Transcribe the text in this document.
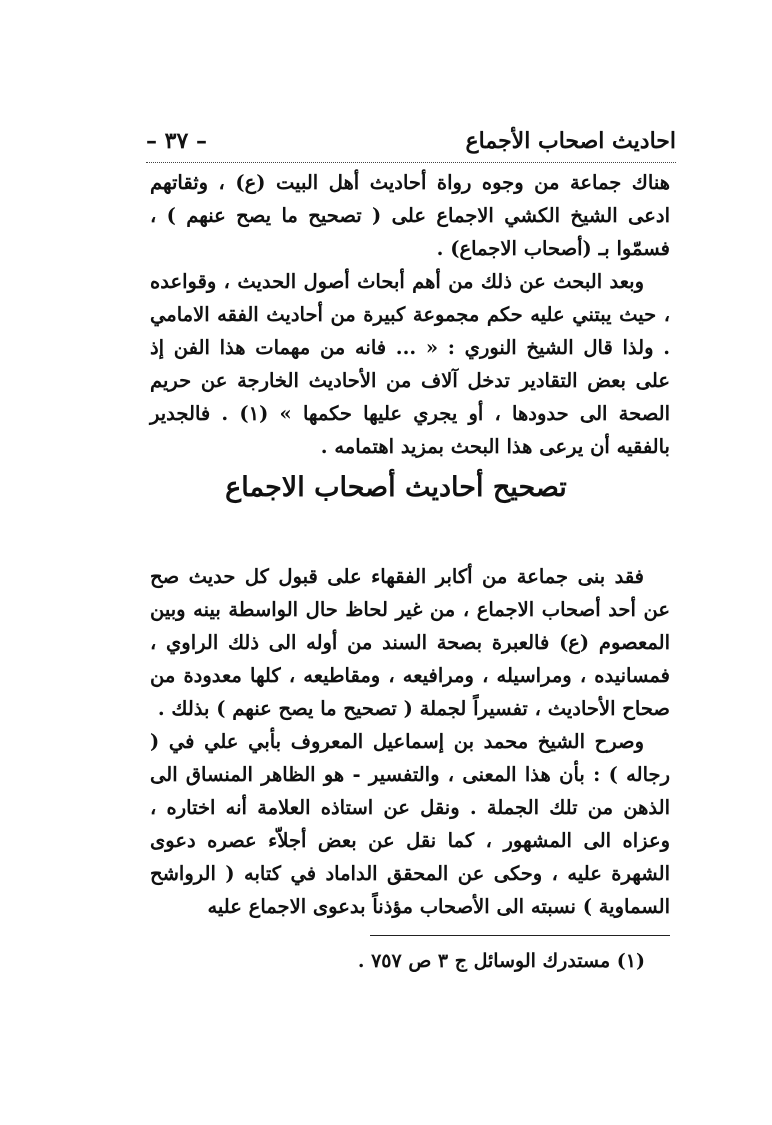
– ٣٧ –	احاديث اصحاب الأجماع

هناك جماعة من وجوه رواة أحاديث أهل البيت (ع) ، وثقاتهم ادعى الشيخ الكشي الاجماع على ( تصحيح ما يصح عنهم ) ، فسمّوا بـ (أصحاب الاجماع) .

وبعد البحث عن ذلك من أهم أبحاث أصول الحديث ، وقواعده ، حيث يبتني عليه حكم مجموعة كبيرة من أحاديث الفقه الامامي . ولذا قال الشيخ النوري : « ... فانه من مهمات هذا الفن إذ على بعض التقادير تدخل آلاف من الأحاديث الخارجة عن حريم الصحة الى حدودها ، أو يجري عليها حكمها » (١) . فالجدير بالفقيه أن يرعى هذا البحث بمزيد اهتمامه .

تصحيح أحاديث أصحاب الاجماع

فقد بنى جماعة من أكابر الفقهاء على قبول كل حديث صح عن أحد أصحاب الاجماع ، من غير لحاظ حال الواسطة بينه وبين المعصوم (ع) فالعبرة بصحة السند من أوله الى ذلك الراوي ، فمسانيده ، ومراسيله ، ومرافيعه ، ومقاطيعه ، كلها معدودة من صحاح الأحاديث ، تفسيراً لجملة ( تصحيح ما يصح عنهم ) بذلك .

وصرح الشيخ محمد بن إسماعيل المعروف بأبي علي في ( رجاله ) : بأن هذا المعنى ، والتفسير - هو الظاهر المنساق الى الذهن من تلك الجملة . ونقل عن استاذه العلامة أنه اختاره ، وعزاه الى المشهور ، كما نقل عن بعض أجلاّء عصره دعوى الشهرة عليه ، وحكى عن المحقق الداماد في كتابه ( الرواشح السماوية ) نسبته الى الأصحاب مؤذناً بدعوى الاجماع عليه

(١) مستدرك الوسائل ج ٣ ص ٧٥٧ .
